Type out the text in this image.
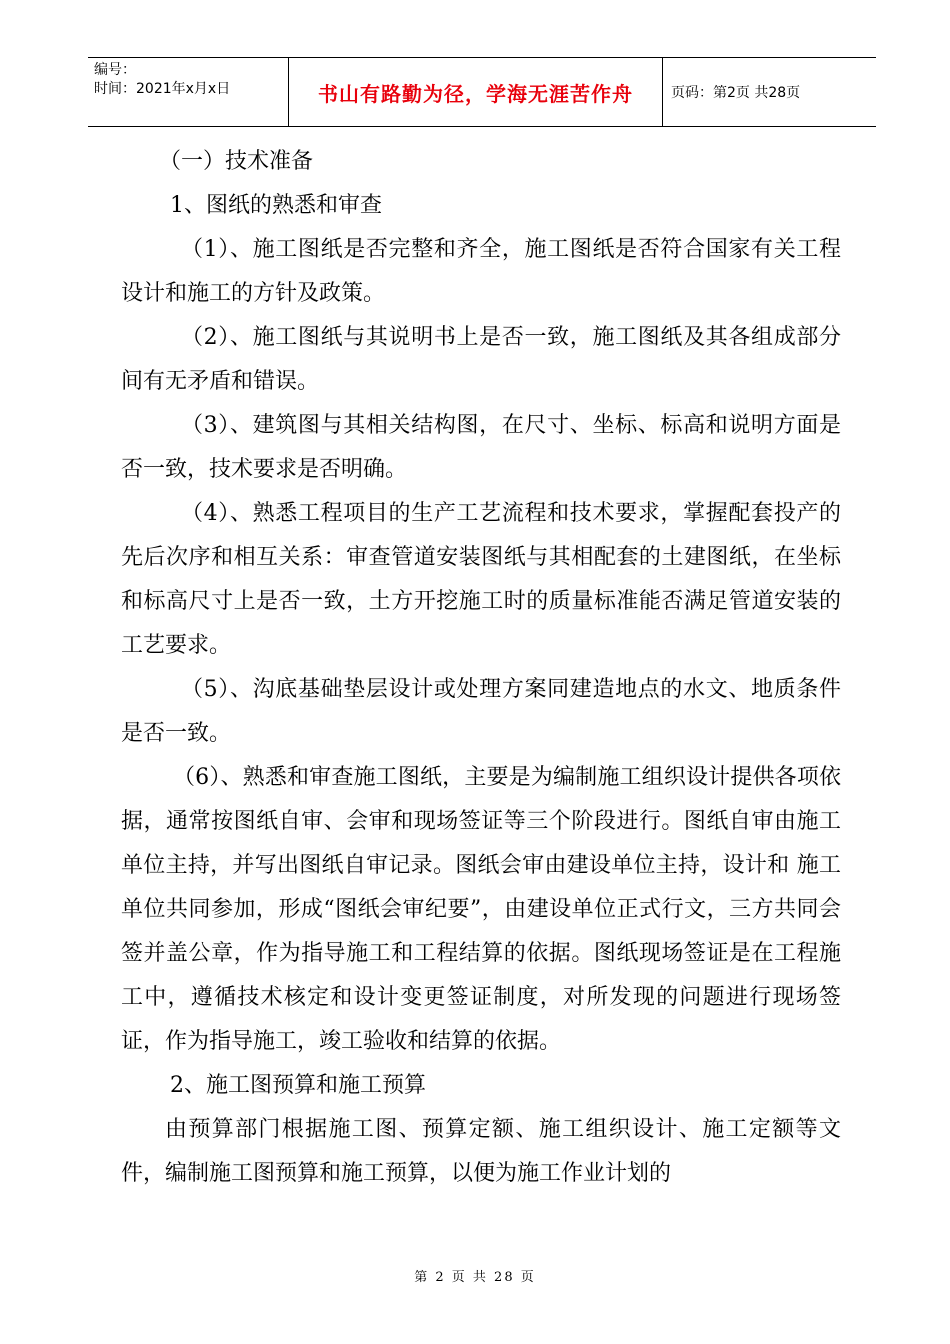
编号：
时间：2021年x月x日	书山有路勤为径，学海无涯苦作舟	页码：第2页 共28页

（一）技术准备

1、图纸的熟悉和审查

（1）、施工图纸是否完整和齐全，施工图纸是否符合国家有关工程设计和施工的方针及政策。

（2）、施工图纸与其说明书上是否一致，施工图纸及其各组成部分间有无矛盾和错误。

（3）、建筑图与其相关结构图，在尺寸、坐标、标高和说明方面是否一致，技术要求是否明确。

（4）、熟悉工程项目的生产工艺流程和技术要求，掌握配套投产的先后次序和相互关系：审查管道安装图纸与其相配套的土建图纸，在坐标和标高尺寸上是否一致，土方开挖施工时的质量标准能否满足管道安装的工艺要求。

（5）、沟底基础垫层设计或处理方案同建造地点的水文、地质条件是否一致。

（6）、熟悉和审查施工图纸，主要是为编制施工组织设计提供各项依据，通常按图纸自审、会审和现场签证等三个阶段进行。图纸自审由施工单位主持，并写出图纸自审记录。图纸会审由建设单位主持，设计和 施工单位共同参加，形成“图纸会审纪要”，由建设单位正式行文，三方共同会签并盖公章，作为指导施工和工程结算的依据。图纸现场签证是在工程施工中，遵循技术核定和设计变更签证制度，对所发现的问题进行现场签证，作为指导施工，竣工验收和结算的依据。

2、施工图预算和施工预算

由预算部门根据施工图、预算定额、施工组织设计、施工定额等文件，编制施工图预算和施工预算，以便为施工作业计划的

第 2 页 共 28 页
